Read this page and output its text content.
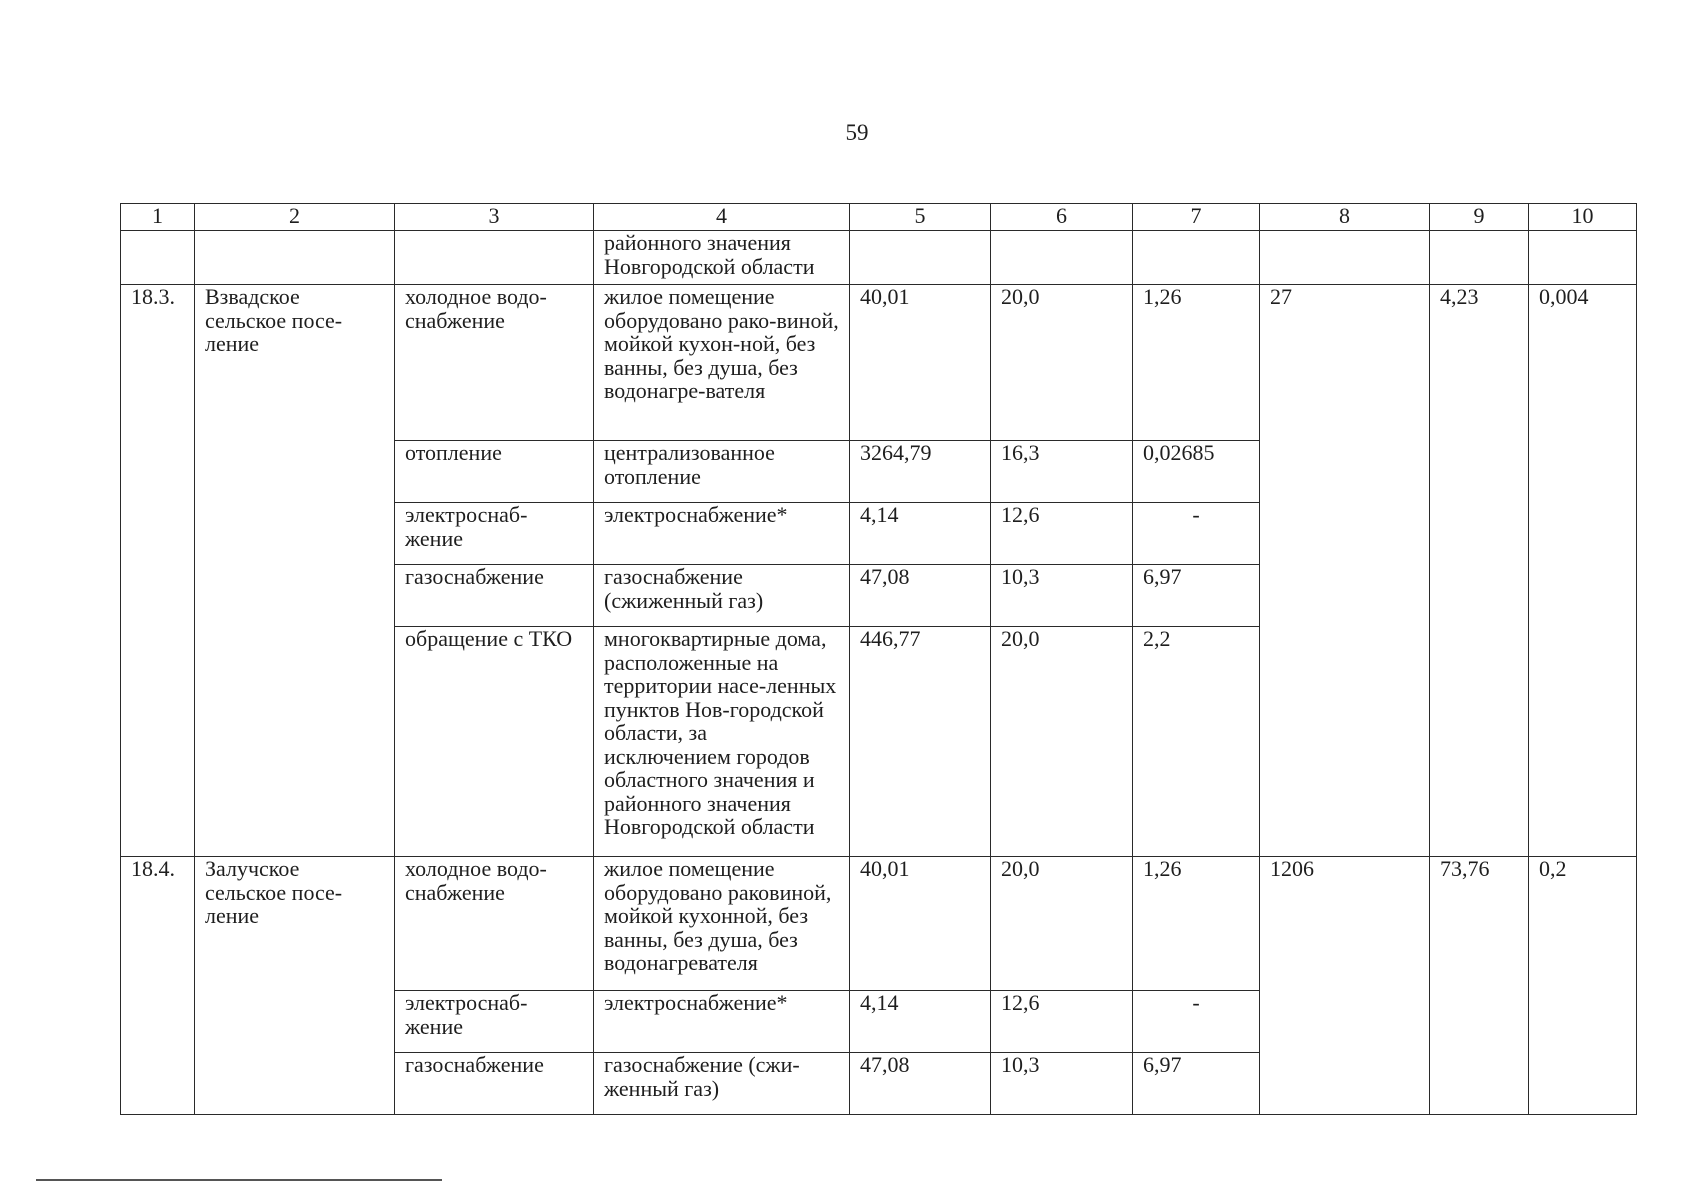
59
1	2	3	4	5	6	7	8	9	10
			районного значения Новгородской области						
18.3.	Взвадское сельское посе-ление	холодное водо-снабжение	жилое помещение оборудовано рако-виной, мойкой кухон-ной, без ванны, без душа, без водонагре-вателя	40,01	20,0	1,26	27	4,23	0,004
		отопление	централизованное отопление	3264,79	16,3	0,02685			
		электроснаб-жение	электроснабжение*	4,14	12,6	-			
		газоснабжение	газоснабжение (сжиженный газ)	47,08	10,3	6,97			
		обращение с ТКО	многоквартирные дома, расположенные на территории насе-ленных пунктов Нов-городской области, за исключением городов областного значения и районного значения Новгородской области	446,77	20,0	2,2			
18.4.	Залучское сельское посе-ление	холодное водо-снабжение	жилое помещение оборудовано раковиной, мойкой кухонной, без ванны, без душа, без водонагревателя	40,01	20,0	1,26	1206	73,76	0,2
		электроснаб-жение	электроснабжение*	4,14	12,6	-			
		газоснабжение	газоснабжение (сжи-женный газ)	47,08	10,3	6,97			
